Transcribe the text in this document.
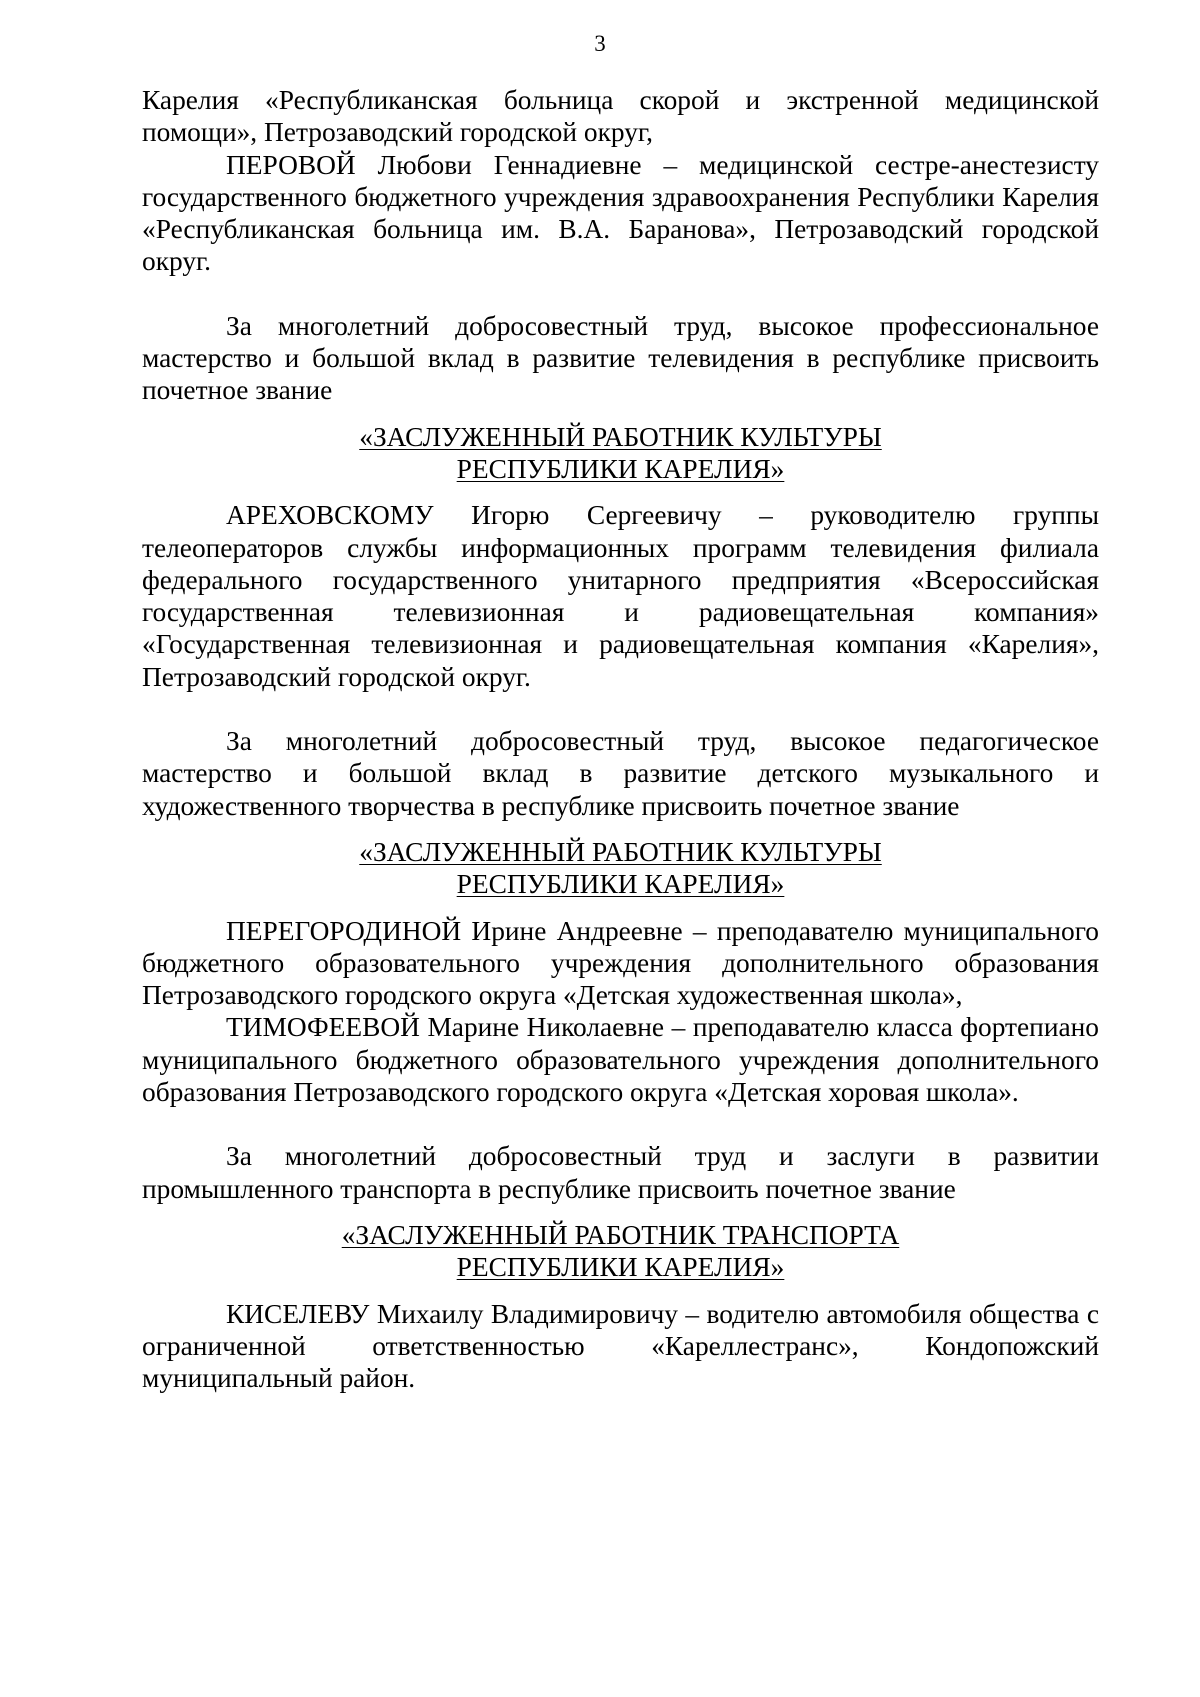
3

Карелия «Республиканская больница скорой и экстренной медицинской помощи», Петрозаводский городской округ,

ПЕРОВОЙ Любови Геннадиевне – медицинской сестре-анестезисту государственного бюджетного учреждения здравоохранения Республики Карелия «Республиканская больница им. В.А. Баранова», Петрозаводский городской округ.

За многолетний добросовестный труд, высокое профессиональное мастерство и большой вклад в развитие телевидения в республике присвоить почетное звание

«ЗАСЛУЖЕННЫЙ РАБОТНИК КУЛЬТУРЫ

РЕСПУБЛИКИ КАРЕЛИЯ»

АРЕХОВСКОМУ Игорю Сергеевичу – руководителю группы телеоператоров службы информационных программ телевидения филиала федерального государственного унитарного предприятия «Всероссийская государственная телевизионная и радиовещательная компания» «Государственная телевизионная и радиовещательная компания «Карелия», Петрозаводский городской округ.

За многолетний добросовестный труд, высокое педагогическое мастерство и большой вклад в развитие детского музыкального и художественного творчества в республике присвоить почетное звание

«ЗАСЛУЖЕННЫЙ РАБОТНИК КУЛЬТУРЫ

РЕСПУБЛИКИ КАРЕЛИЯ»

ПЕРЕГОРОДИНОЙ Ирине Андреевне – преподавателю муниципального бюджетного образовательного учреждения дополнительного образования Петрозаводского городского округа «Детская художественная школа»,

ТИМОФЕЕВОЙ Марине Николаевне – преподавателю класса фортепиано муниципального бюджетного образовательного учреждения дополнительного образования Петрозаводского городского округа «Детская хоровая школа».

За многолетний добросовестный труд и заслуги в развитии промышленного транспорта в республике присвоить почетное звание

«ЗАСЛУЖЕННЫЙ РАБОТНИК ТРАНСПОРТА

РЕСПУБЛИКИ КАРЕЛИЯ»

КИСЕЛЕВУ Михаилу Владимировичу – водителю автомобиля общества с ограниченной ответственностью «Кареллестранс», Кондопожский муниципальный район.
